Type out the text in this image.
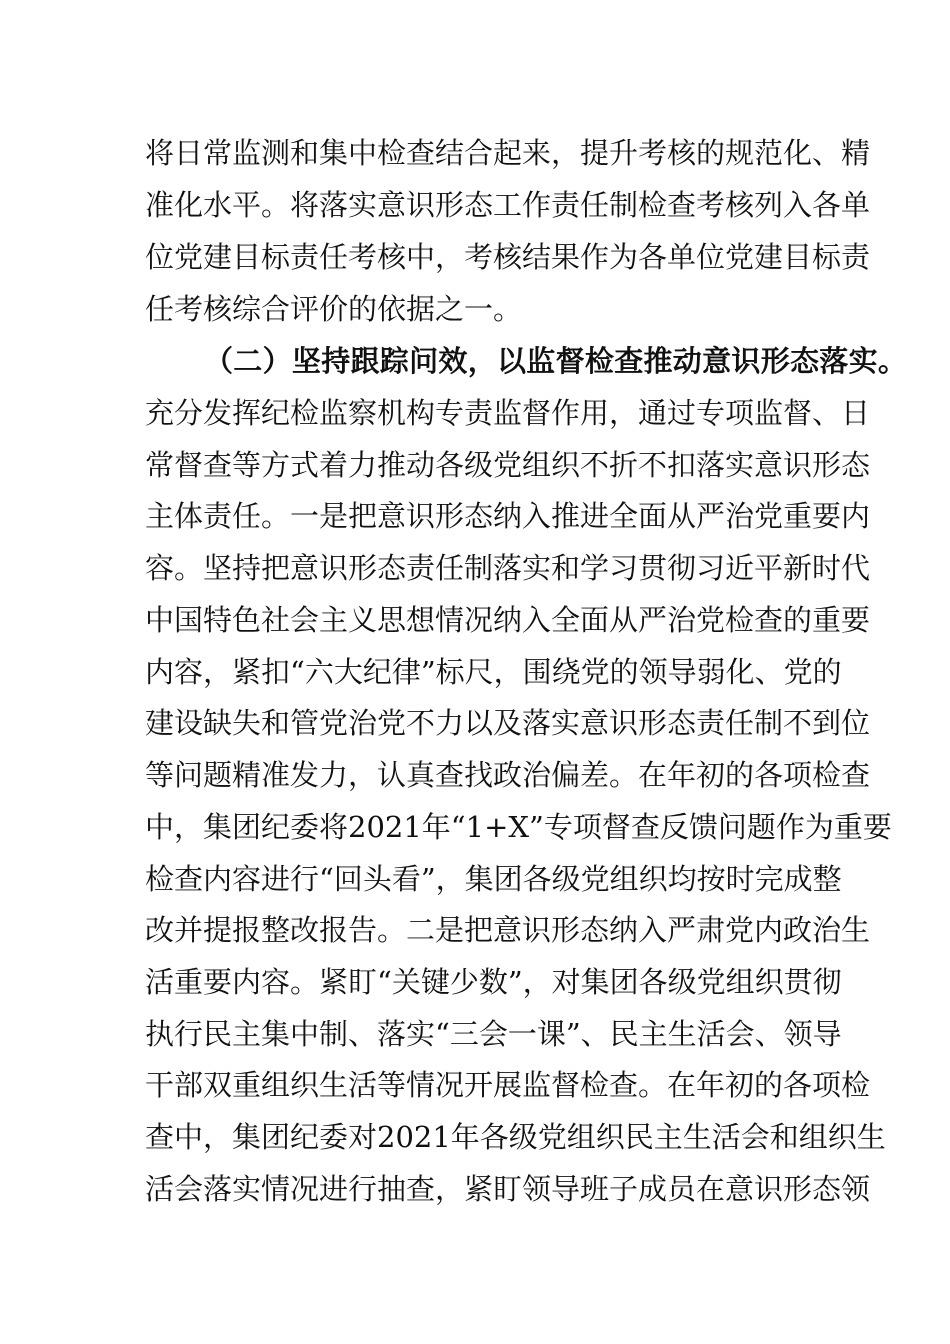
将日常监测和集中检查结合起来，提升考核的规范化、精
准化水平。将落实意识形态工作责任制检查考核列入各单
位党建目标责任考核中，考核结果作为各单位党建目标责
任考核综合评价的依据之一。
（二）坚持跟踪问效，以监督检查推动意识形态落实。
充分发挥纪检监察机构专责监督作用，通过专项监督、日
常督查等方式着力推动各级党组织不折不扣落实意识形态
主体责任。一是把意识形态纳入推进全面从严治党重要内
容。坚持把意识形态责任制落实和学习贯彻习近平新时代
中国特色社会主义思想情况纳入全面从严治党检查的重要
内容，紧扣“六大纪律”标尺，围绕党的领导弱化、党的
建设缺失和管党治党不力以及落实意识形态责任制不到位
等问题精准发力，认真查找政治偏差。在年初的各项检查
中，集团纪委将2021年“1+X”专项督查反馈问题作为重要
检查内容进行“回头看”，集团各级党组织均按时完成整
改并提报整改报告。二是把意识形态纳入严肃党内政治生
活重要内容。紧盯“关键少数”，对集团各级党组织贯彻
执行民主集中制、落实“三会一课”、民主生活会、领导
干部双重组织生活等情况开展监督检查。在年初的各项检
查中，集团纪委对2021年各级党组织民主生活会和组织生
活会落实情况进行抽查，紧盯领导班子成员在意识形态领
